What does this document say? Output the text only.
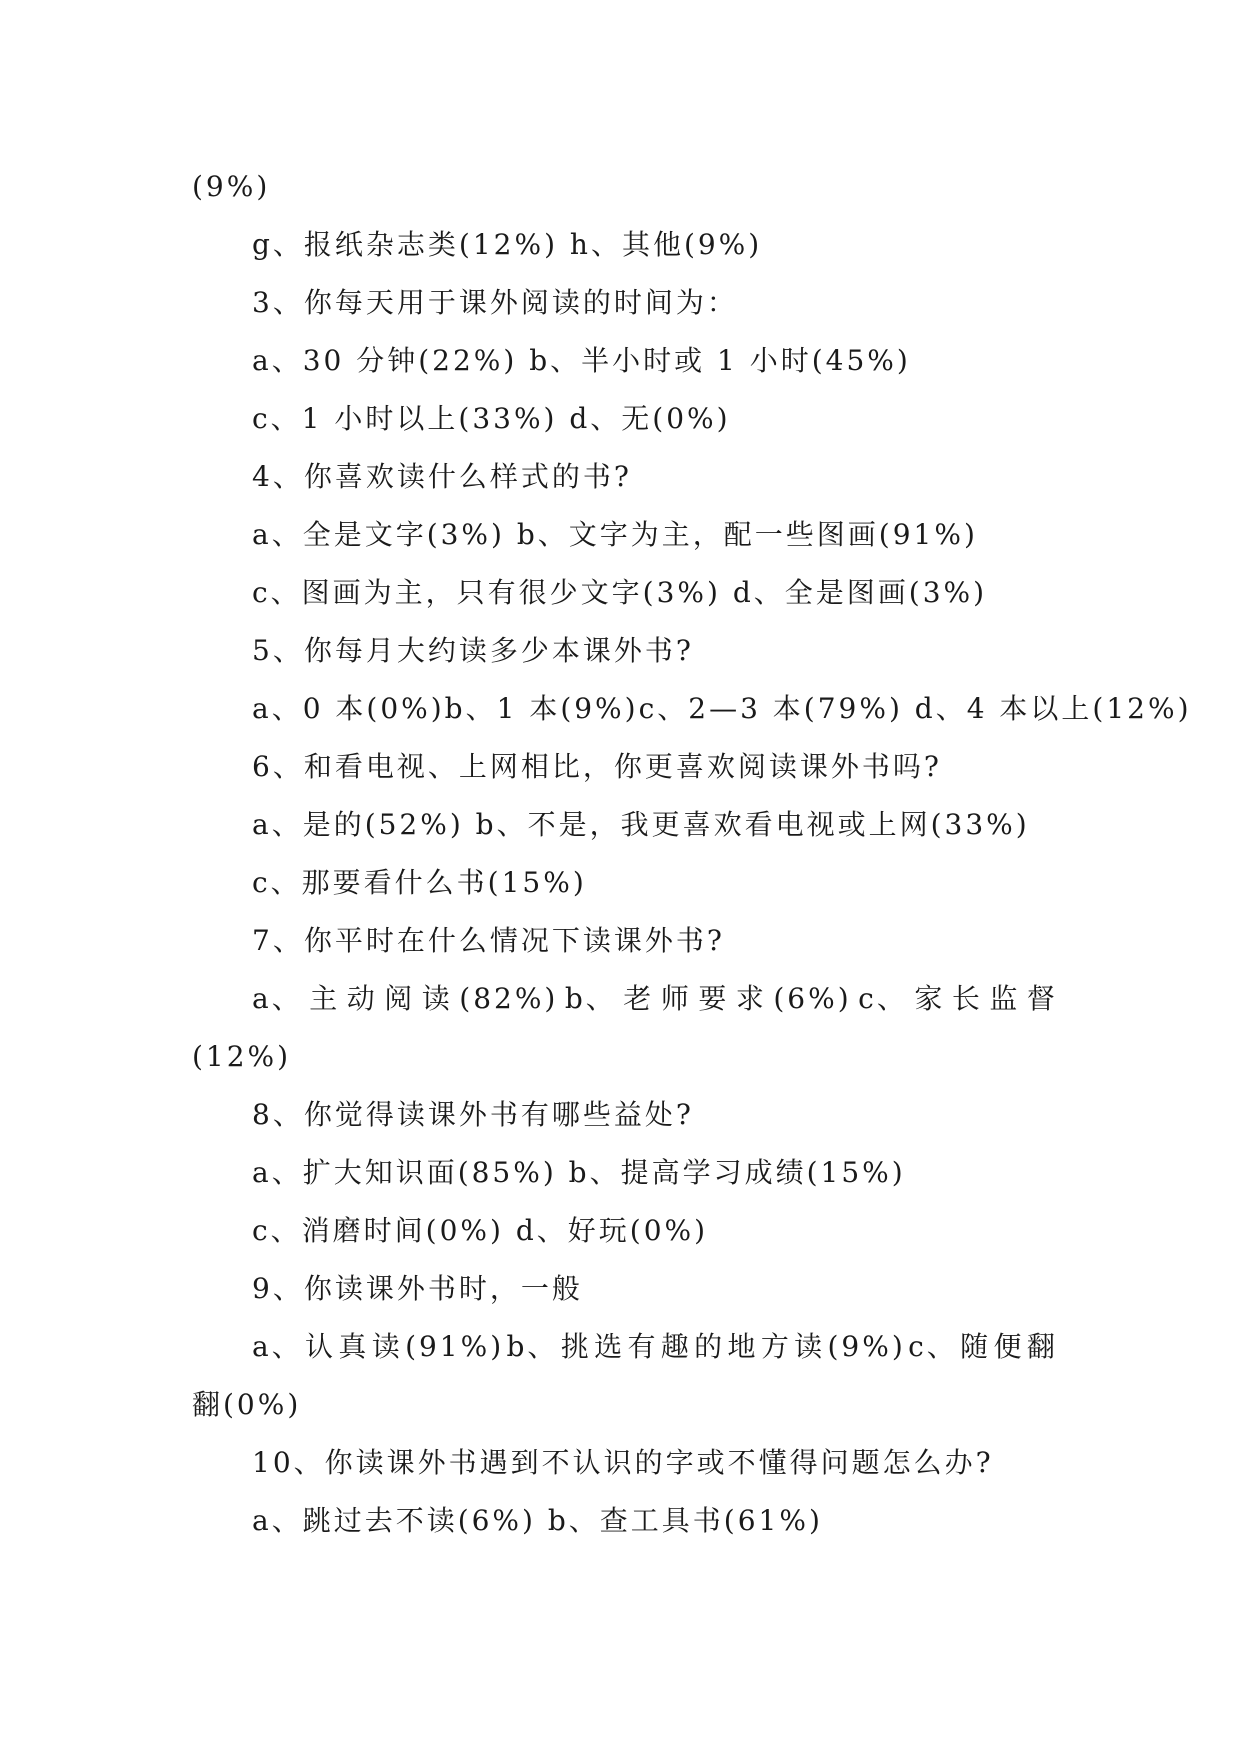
(9%)
g、报纸杂志类(12%) h、其他(9%)
3、你每天用于课外阅读的时间为：
a、30 分钟(22%) b、半小时或 1 小时(45%)
c、1 小时以上(33%) d、无(0%)
4、你喜欢读什么样式的书?
a、全是文字(3%) b、文字为主，配一些图画(91%)
c、图画为主，只有很少文字(3%) d、全是图画(3%)
5、你每月大约读多少本课外书?
a、0 本(0%)b、1 本(9%)c、2—3 本(79%) d、4 本以上(12%)
6、和看电视、上网相比，你更喜欢阅读课外书吗?
a、是的(52%) b、不是，我更喜欢看电视或上网(33%)
c、那要看什么书(15%)
7、你平时在什么情况下读课外书?
a、 主 动 阅 读 (82%) b、 老 师 要 求 (6%) c、 家 长 监 督
(12%)
8、你觉得读课外书有哪些益处?
a、扩大知识面(85%) b、提高学习成绩(15%)
c、消磨时间(0%) d、好玩(0%)
9、你读课外书时，一般
a、 认 真 读 (91%) b、 挑 选 有 趣 的 地 方 读 (9%) c、 随 便 翻
翻(0%)
10、你读课外书遇到不认识的字或不懂得问题怎么办?
a、跳过去不读(6%) b、查工具书(61%)
